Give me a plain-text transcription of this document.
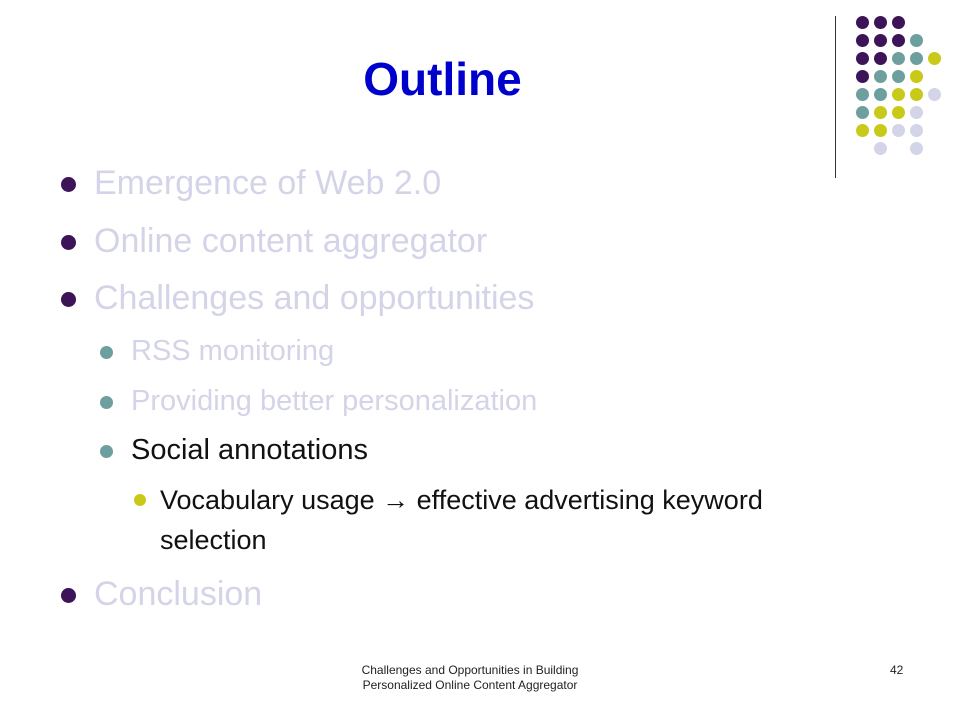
Outline
Emergence of Web 2.0
Online content aggregator
Challenges and opportunities
RSS monitoring
Providing better personalization
Social annotations
Vocabulary usage → effective advertising keyword selection
Conclusion
Challenges and Opportunities in Building
Personalized Online Content Aggregator
42
